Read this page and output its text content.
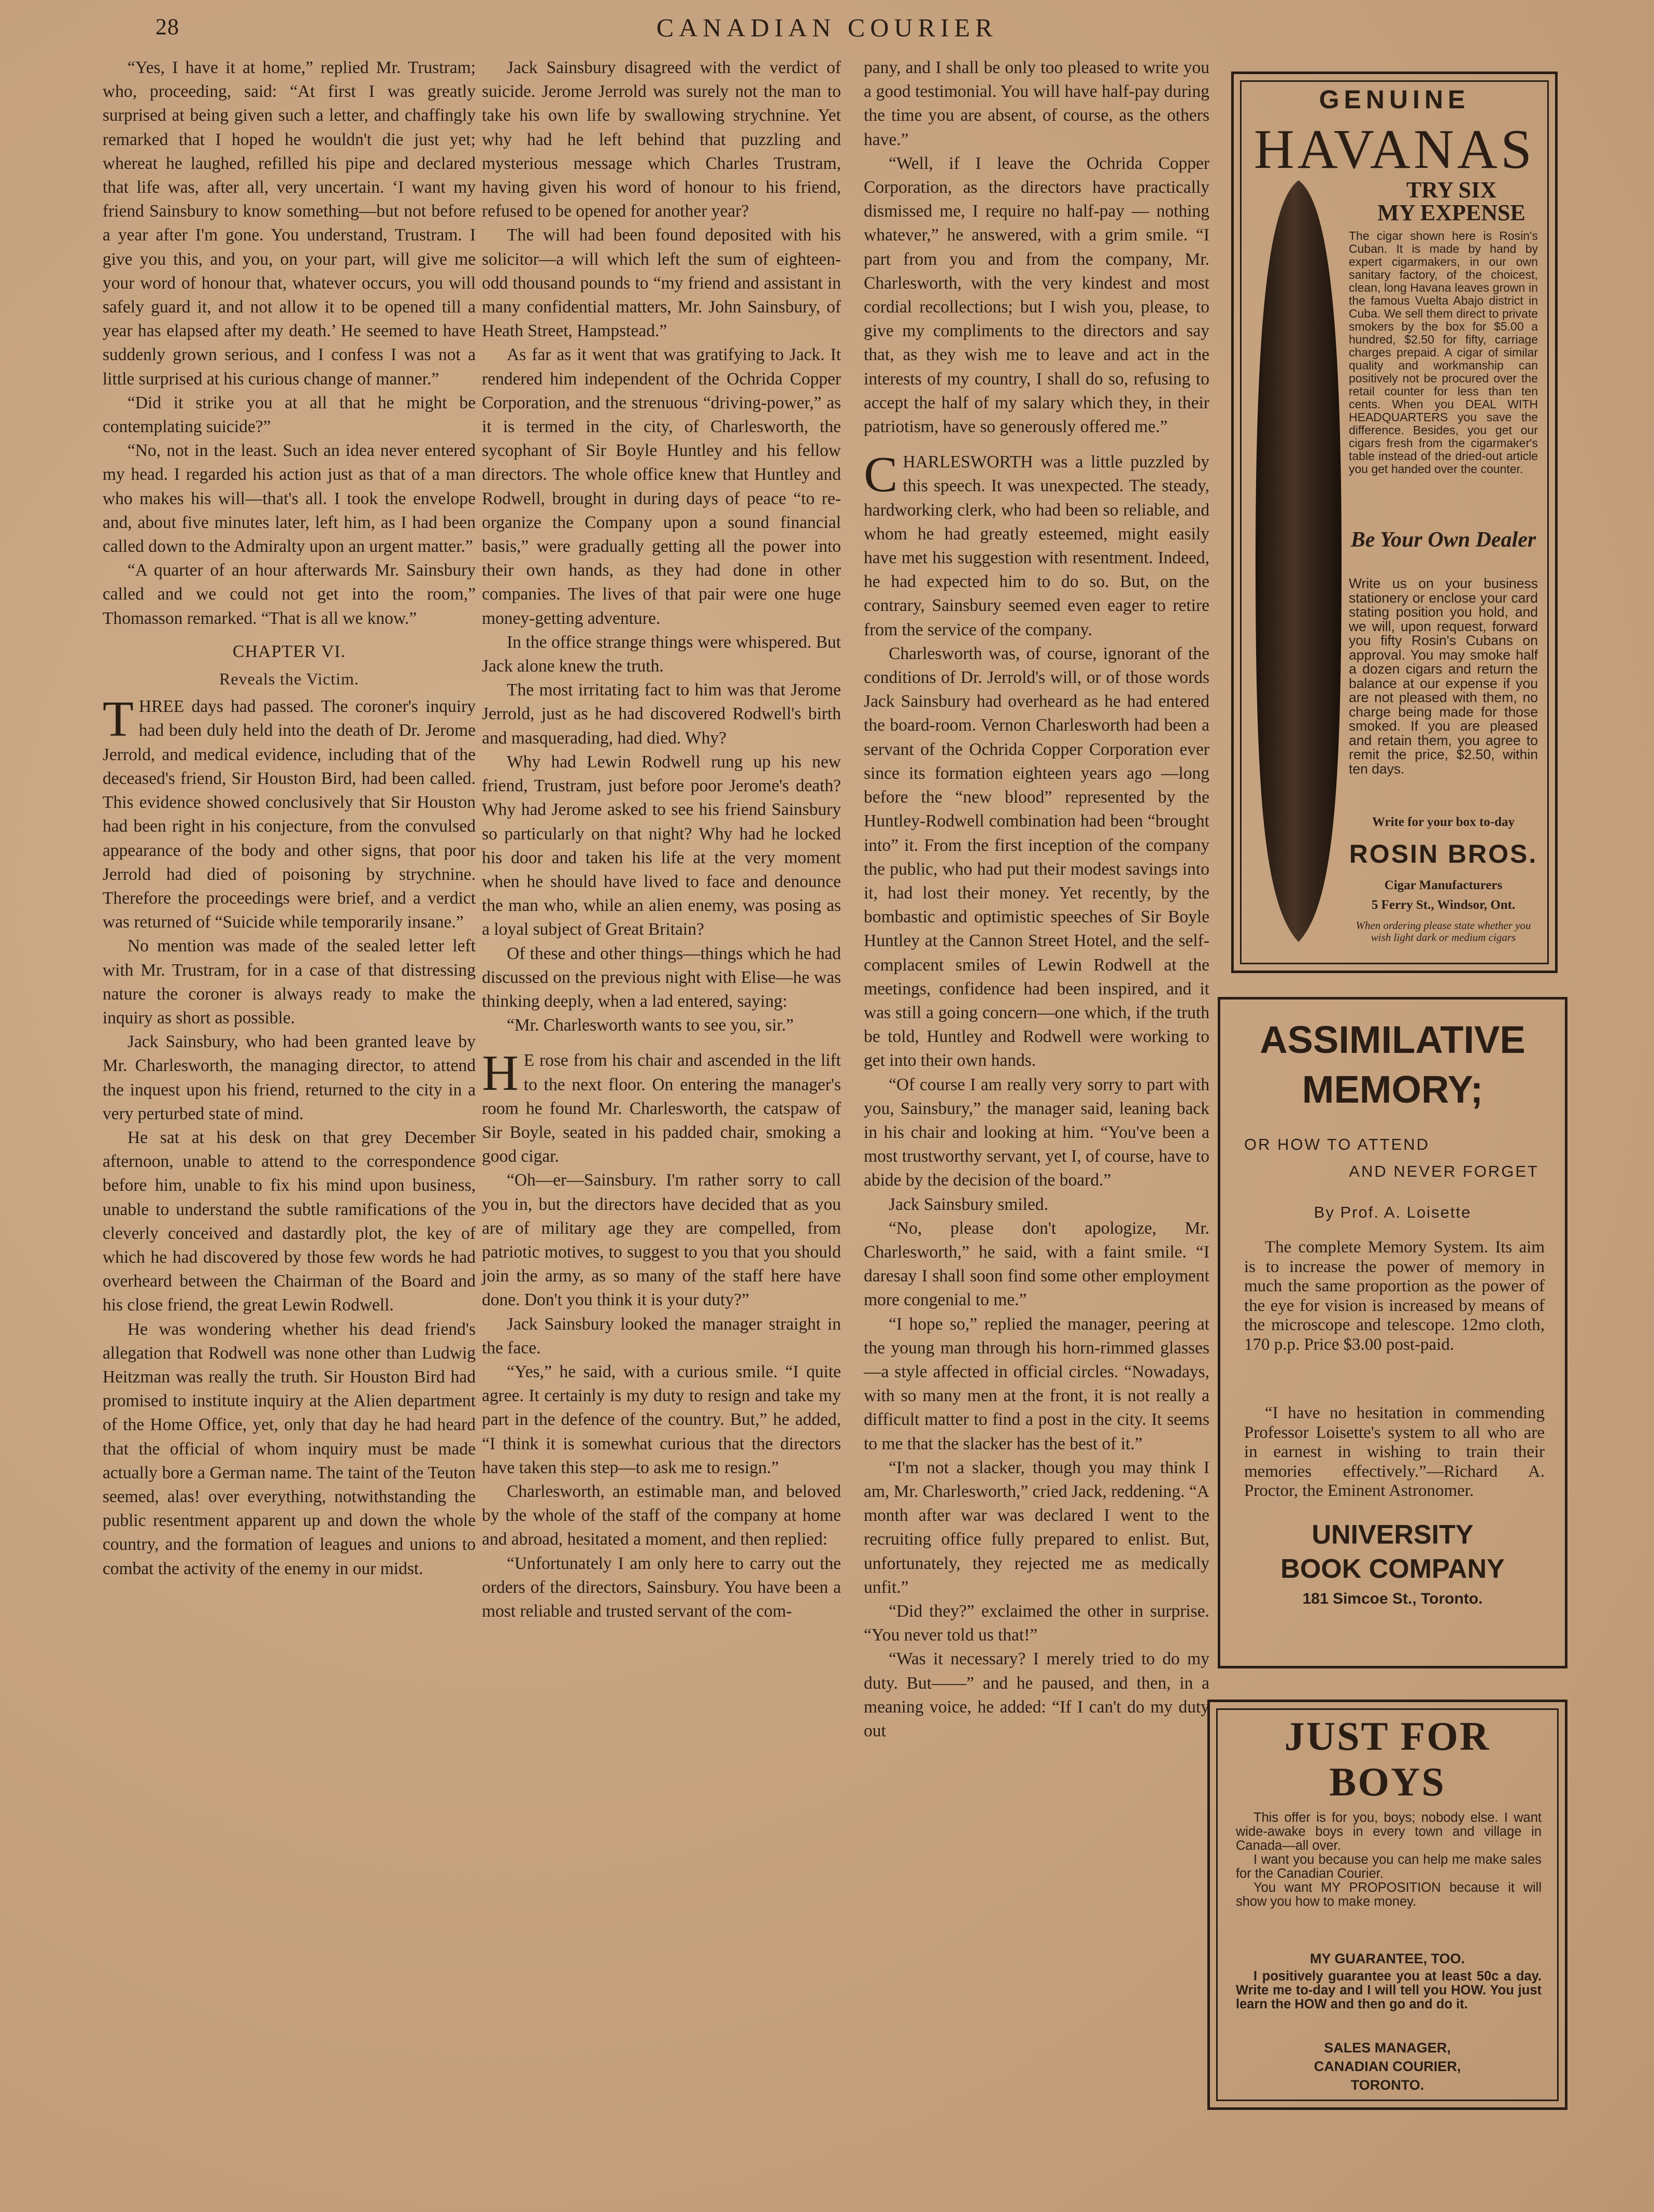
28	CANADIAN COURIER

“Yes, I have it at home,” replied Mr. Trustram; who, proceeding, said: “At first I was greatly surprised at being given such a letter, and chaffingly remarked that I hoped he wouldn't die just yet; whereat he laughed, refilled his pipe and declared that life was, after all, very uncertain. ‘I want my friend Sainsbury to know something—but not before a year after I'm gone. You understand, Trustram. I give you this, and you, on your part, will give me your word of honour that, whatever occurs, you will safely guard it, and not allow it to be opened till a year has elapsed after my death.’ He seemed to have suddenly grown serious, and I confess I was not a little surprised at his curious change of manner.”

“Did it strike you at all that he might be contemplating suicide?”

“No, not in the least. Such an idea never entered my head. I regarded his action just as that of a man who makes his will—that's all. I took the envelope and, about five minutes later, left him, as I had been called down to the Admiralty upon an urgent matter.”

“A quarter of an hour afterwards Mr. Sainsbury called and we could not get into the room,” Thomasson remarked. “That is all we know.”

CHAPTER VI.
Reveals the Victim.

THREE days had passed. The coroner's inquiry had been duly held into the death of Dr. Jerome Jerrold, and medical evidence, including that of the deceased's friend, Sir Houston Bird, had been called. This evidence showed conclusively that Sir Houston had been right in his conjecture, from the convulsed appearance of the body and other signs, that poor Jerrold had died of poisoning by strychnine. Therefore the proceedings were brief, and a verdict was returned of “Suicide while temporarily insane.”

No mention was made of the sealed letter left with Mr. Trustram, for in a case of that distressing nature the coroner is always ready to make the inquiry as short as possible.

Jack Sainsbury, who had been granted leave by Mr. Charlesworth, the managing director, to attend the inquest upon his friend, returned to the city in a very perturbed state of mind.

He sat at his desk on that grey December afternoon, unable to attend to the correspondence before him, unable to fix his mind upon business, unable to understand the subtle ramifications of the cleverly conceived and dastardly plot, the key of which he had discovered by those few words he had overheard between the Chairman of the Board and his close friend, the great Lewin Rodwell.

He was wondering whether his dead friend's allegation that Rodwell was none other than Ludwig Heitzman was really the truth. Sir Houston Bird had promised to institute inquiry at the Alien department of the Home Office, yet, only that day he had heard that the official of whom inquiry must be made actually bore a German name. The taint of the Teuton seemed, alas! over everything, notwithstanding the public resentment apparent up and down the whole country, and the formation of leagues and unions to combat the activity of the enemy in our midst.

Jack Sainsbury disagreed with the verdict of suicide. Jerome Jerrold was surely not the man to take his own life by swallowing strychnine. Yet why had he left behind that puzzling and mysterious message which Charles Trustram, having given his word of honour to his friend, refused to be opened for another year?

The will had been found deposited with his solicitor—a will which left the sum of eighteen-odd thousand pounds to “my friend and assistant in many confidential matters, Mr. John Sainsbury, of Heath Street, Hampstead.”

As far as it went that was gratifying to Jack. It rendered him independent of the Ochrida Copper Corporation, and the strenuous “driving-power,” as it is termed in the city, of Charlesworth, the sycophant of Sir Boyle Huntley and his fellow directors. The whole office knew that Huntley and Rodwell, brought in during days of peace “to re-organize the Company upon a sound financial basis,” were gradually getting all the power into their own hands, as they had done in other companies. The lives of that pair were one huge money-getting adventure.

In the office strange things were whispered. But Jack alone knew the truth.

The most irritating fact to him was that Jerome Jerrold, just as he had discovered Rodwell's birth and masquerading, had died. Why?

Why had Lewin Rodwell rung up his new friend, Trustram, just before poor Jerome's death? Why had Jerome asked to see his friend Sainsbury so particularly on that night? Why had he locked his door and taken his life at the very moment when he should have lived to face and denounce the man who, while an alien enemy, was posing as a loyal subject of Great Britain?

Of these and other things—things which he had discussed on the previous night with Elise—he was thinking deeply, when a lad entered, saying:

“Mr. Charlesworth wants to see you, sir.”

H E rose from his chair and ascended in the lift to the next floor. On entering the manager's room he found Mr. Charlesworth, the catspaw of Sir Boyle, seated in his padded chair, smoking a good cigar.

“Oh—er—Sainsbury. I'm rather sorry to call you in, but the directors have decided that as you are of military age they are compelled, from patriotic motives, to suggest to you that you should join the army, as so many of the staff here have done. Don't you think it is your duty?”

Jack Sainsbury looked the manager straight in the face.

“Yes,” he said, with a curious smile. “I quite agree. It certainly is my duty to resign and take my part in the defence of the country. But,” he added, “I think it is somewhat curious that the directors have taken this step—to ask me to resign.”

Charlesworth, an estimable man, and beloved by the whole of the staff of the company at home and abroad, hesitated a moment, and then replied:

“Unfortunately I am only here to carry out the orders of the directors, Sainsbury. You have been a most reliable and trusted servant of the com-

pany, and I shall be only too pleased to write you a good testimonial. You will have half-pay during the time you are absent, of course, as the others have.”

“Well, if I leave the Ochrida Copper Corporation, as the directors have practically dismissed me, I require no half-pay — nothing whatever,” he answered, with a grim smile. “I part from you and from the company, Mr. Charlesworth, with the very kindest and most cordial recollections; but I wish you, please, to give my compliments to the directors and say that, as they wish me to leave and act in the interests of my country, I shall do so, refusing to accept the half of my salary which they, in their patriotism, have so generously offered me.”

CHARLESWORTH was a little puzzled by this speech. It was unexpected. The steady, hardworking clerk, who had been so reliable, and whom he had greatly esteemed, might easily have met his suggestion with resentment. Indeed, he had expected him to do so. But, on the contrary, Sainsbury seemed even eager to retire from the service of the company.

Charlesworth was, of course, ignorant of the conditions of Dr. Jerrold's will, or of those words Jack Sainsbury had overheard as he had entered the board-room. Vernon Charlesworth had been a servant of the Ochrida Copper Corporation ever since its formation eighteen years ago —long before the “new blood” represented by the Huntley-Rodwell combination had been “brought into” it. From the first inception of the company the public, who had put their modest savings into it, had lost their money. Yet recently, by the bombastic and optimistic speeches of Sir Boyle Huntley at the Cannon Street Hotel, and the self-complacent smiles of Lewin Rodwell at the meetings, confidence had been inspired, and it was still a going concern—one which, if the truth be told, Huntley and Rodwell were working to get into their own hands.

“Of course I am really very sorry to part with you, Sainsbury,” the manager said, leaning back in his chair and looking at him. “You've been a most trustworthy servant, yet I, of course, have to abide by the decision of the board.”

Jack Sainsbury smiled.

“No, please don't apologize, Mr. Charlesworth,” he said, with a faint smile. “I daresay I shall soon find some other employment more congenial to me.”

“I hope so,” replied the manager, peering at the young man through his horn-rimmed glasses—a style affected in official circles. “Nowadays, with so many men at the front, it is not really a difficult matter to find a post in the city. It seems to me that the slacker has the best of it.”

“I'm not a slacker, though you may think I am, Mr. Charlesworth,” cried Jack, reddening. “A month after war was declared I went to the recruiting office fully prepared to enlist. But, unfortunately, they rejected me as medically unfit.”

“Did they?” exclaimed the other in surprise. “You never told us that!”

“Was it necessary? I merely tried to do my duty. But——” and he paused, and then, in a meaning voice, he added: “If I can't do my duty out

GENUINE
HAVANAS
TRY SIX
MY EXPENSE
The cigar shown here is Rosin's Cuban. It is made by hand by expert cigarmakers, in our own sanitary factory, of the choicest, clean, long Havana leaves grown in the famous Vuelta Abajo district in Cuba. We sell them direct to private smokers by the box for $5.00 a hundred, $2.50 for fifty, carriage charges prepaid. A cigar of similar quality and workmanship can positively not be procured over the retail counter for less than ten cents. When you DEAL WITH HEADQUARTERS you save the difference. Besides, you get our cigars fresh from the cigarmaker's table instead of the dried-out article you get handed over the counter.
Be Your Own Dealer
Write us on your business stationery or enclose your card stating position you hold, and we will, upon request, forward you fifty Rosin's Cubans on approval. You may smoke half a dozen cigars and return the balance at our expense if you are not pleased with them, no charge being made for those smoked. If you are pleased and retain them, you agree to remit the price, $2.50, within ten days.
Write for your box to-day
ROSIN BROS.
Cigar Manufacturers
5 Ferry St., Windsor, Ont.
When ordering please state whether you wish light dark or medium cigars
ASSIMILATIVE MEMORY;
OR HOW TO ATTEND
AND NEVER FORGET
By Prof. A. Loisette

The complete Memory System. Its aim is to increase the power of memory in much the same proportion as the power of the eye for vision is increased by means of the microscope and telescope. 12mo cloth, 170 p.p. Price $3.00 post-paid.

“I have no hesitation in commending Professor Loisette's system to all who are in earnest in wishing to train their memories effectively.”—Richard A. Proctor, the Eminent Astronomer.

UNIVERSITY BOOK COMPANY
181 Simcoe St., Toronto.
JUST FOR BOYS

This offer is for you, boys; nobody else. I want wide-awake boys in every town and village in Canada—all over.

I want you because you can help me make sales for the Canadian Courier.

You want MY PROPOSITION because it will show you how to make money.

MY GUARANTEE, TOO.

I positively guarantee you at least 50c a day. Write me to-day and I will tell you HOW. You just learn the HOW and then go and do it.

SALES MANAGER,
CANADIAN COURIER,
TORONTO.
